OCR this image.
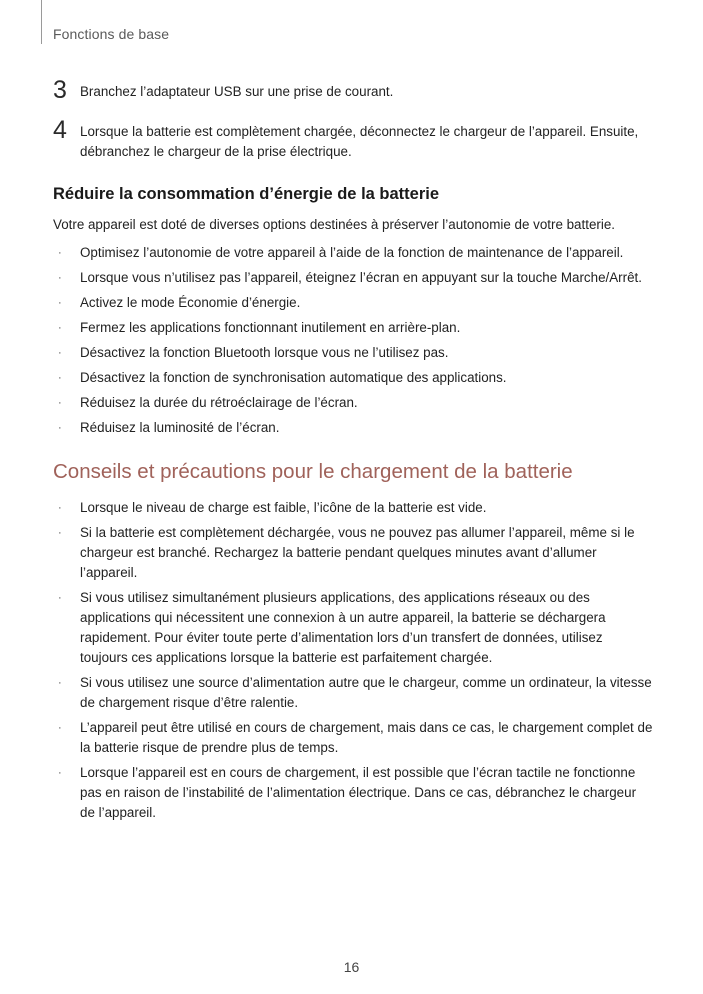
Fonctions de base
3 Branchez l’adaptateur USB sur une prise de courant.
4 Lorsque la batterie est complètement chargée, déconnectez le chargeur de l’appareil. Ensuite, débranchez le chargeur de la prise électrique.
Réduire la consommation d’énergie de la batterie
Votre appareil est doté de diverses options destinées à préserver l’autonomie de votre batterie.
· Optimisez l’autonomie de votre appareil à l’aide de la fonction de maintenance de l’appareil.
· Lorsque vous n’utilisez pas l’appareil, éteignez l’écran en appuyant sur la touche Marche/Arrêt.
· Activez le mode Économie d’énergie.
· Fermez les applications fonctionnant inutilement en arrière-plan.
· Désactivez la fonction Bluetooth lorsque vous ne l’utilisez pas.
· Désactivez la fonction de synchronisation automatique des applications.
· Réduisez la durée du rétroéclairage de l’écran.
· Réduisez la luminosité de l’écran.
Conseils et précautions pour le chargement de la batterie
· Lorsque le niveau de charge est faible, l’icône de la batterie est vide.
· Si la batterie est complètement déchargée, vous ne pouvez pas allumer l’appareil, même si le chargeur est branché. Rechargez la batterie pendant quelques minutes avant d’allumer l’appareil.
· Si vous utilisez simultanément plusieurs applications, des applications réseaux ou des applications qui nécessitent une connexion à un autre appareil, la batterie se déchargera rapidement. Pour éviter toute perte d’alimentation lors d’un transfert de données, utilisez toujours ces applications lorsque la batterie est parfaitement chargée.
· Si vous utilisez une source d’alimentation autre que le chargeur, comme un ordinateur, la vitesse de chargement risque d’être ralentie.
· L’appareil peut être utilisé en cours de chargement, mais dans ce cas, le chargement complet de la batterie risque de prendre plus de temps.
· Lorsque l’appareil est en cours de chargement, il est possible que l’écran tactile ne fonctionne pas en raison de l’instabilité de l’alimentation électrique. Dans ce cas, débranchez le chargeur de l’appareil.
16
